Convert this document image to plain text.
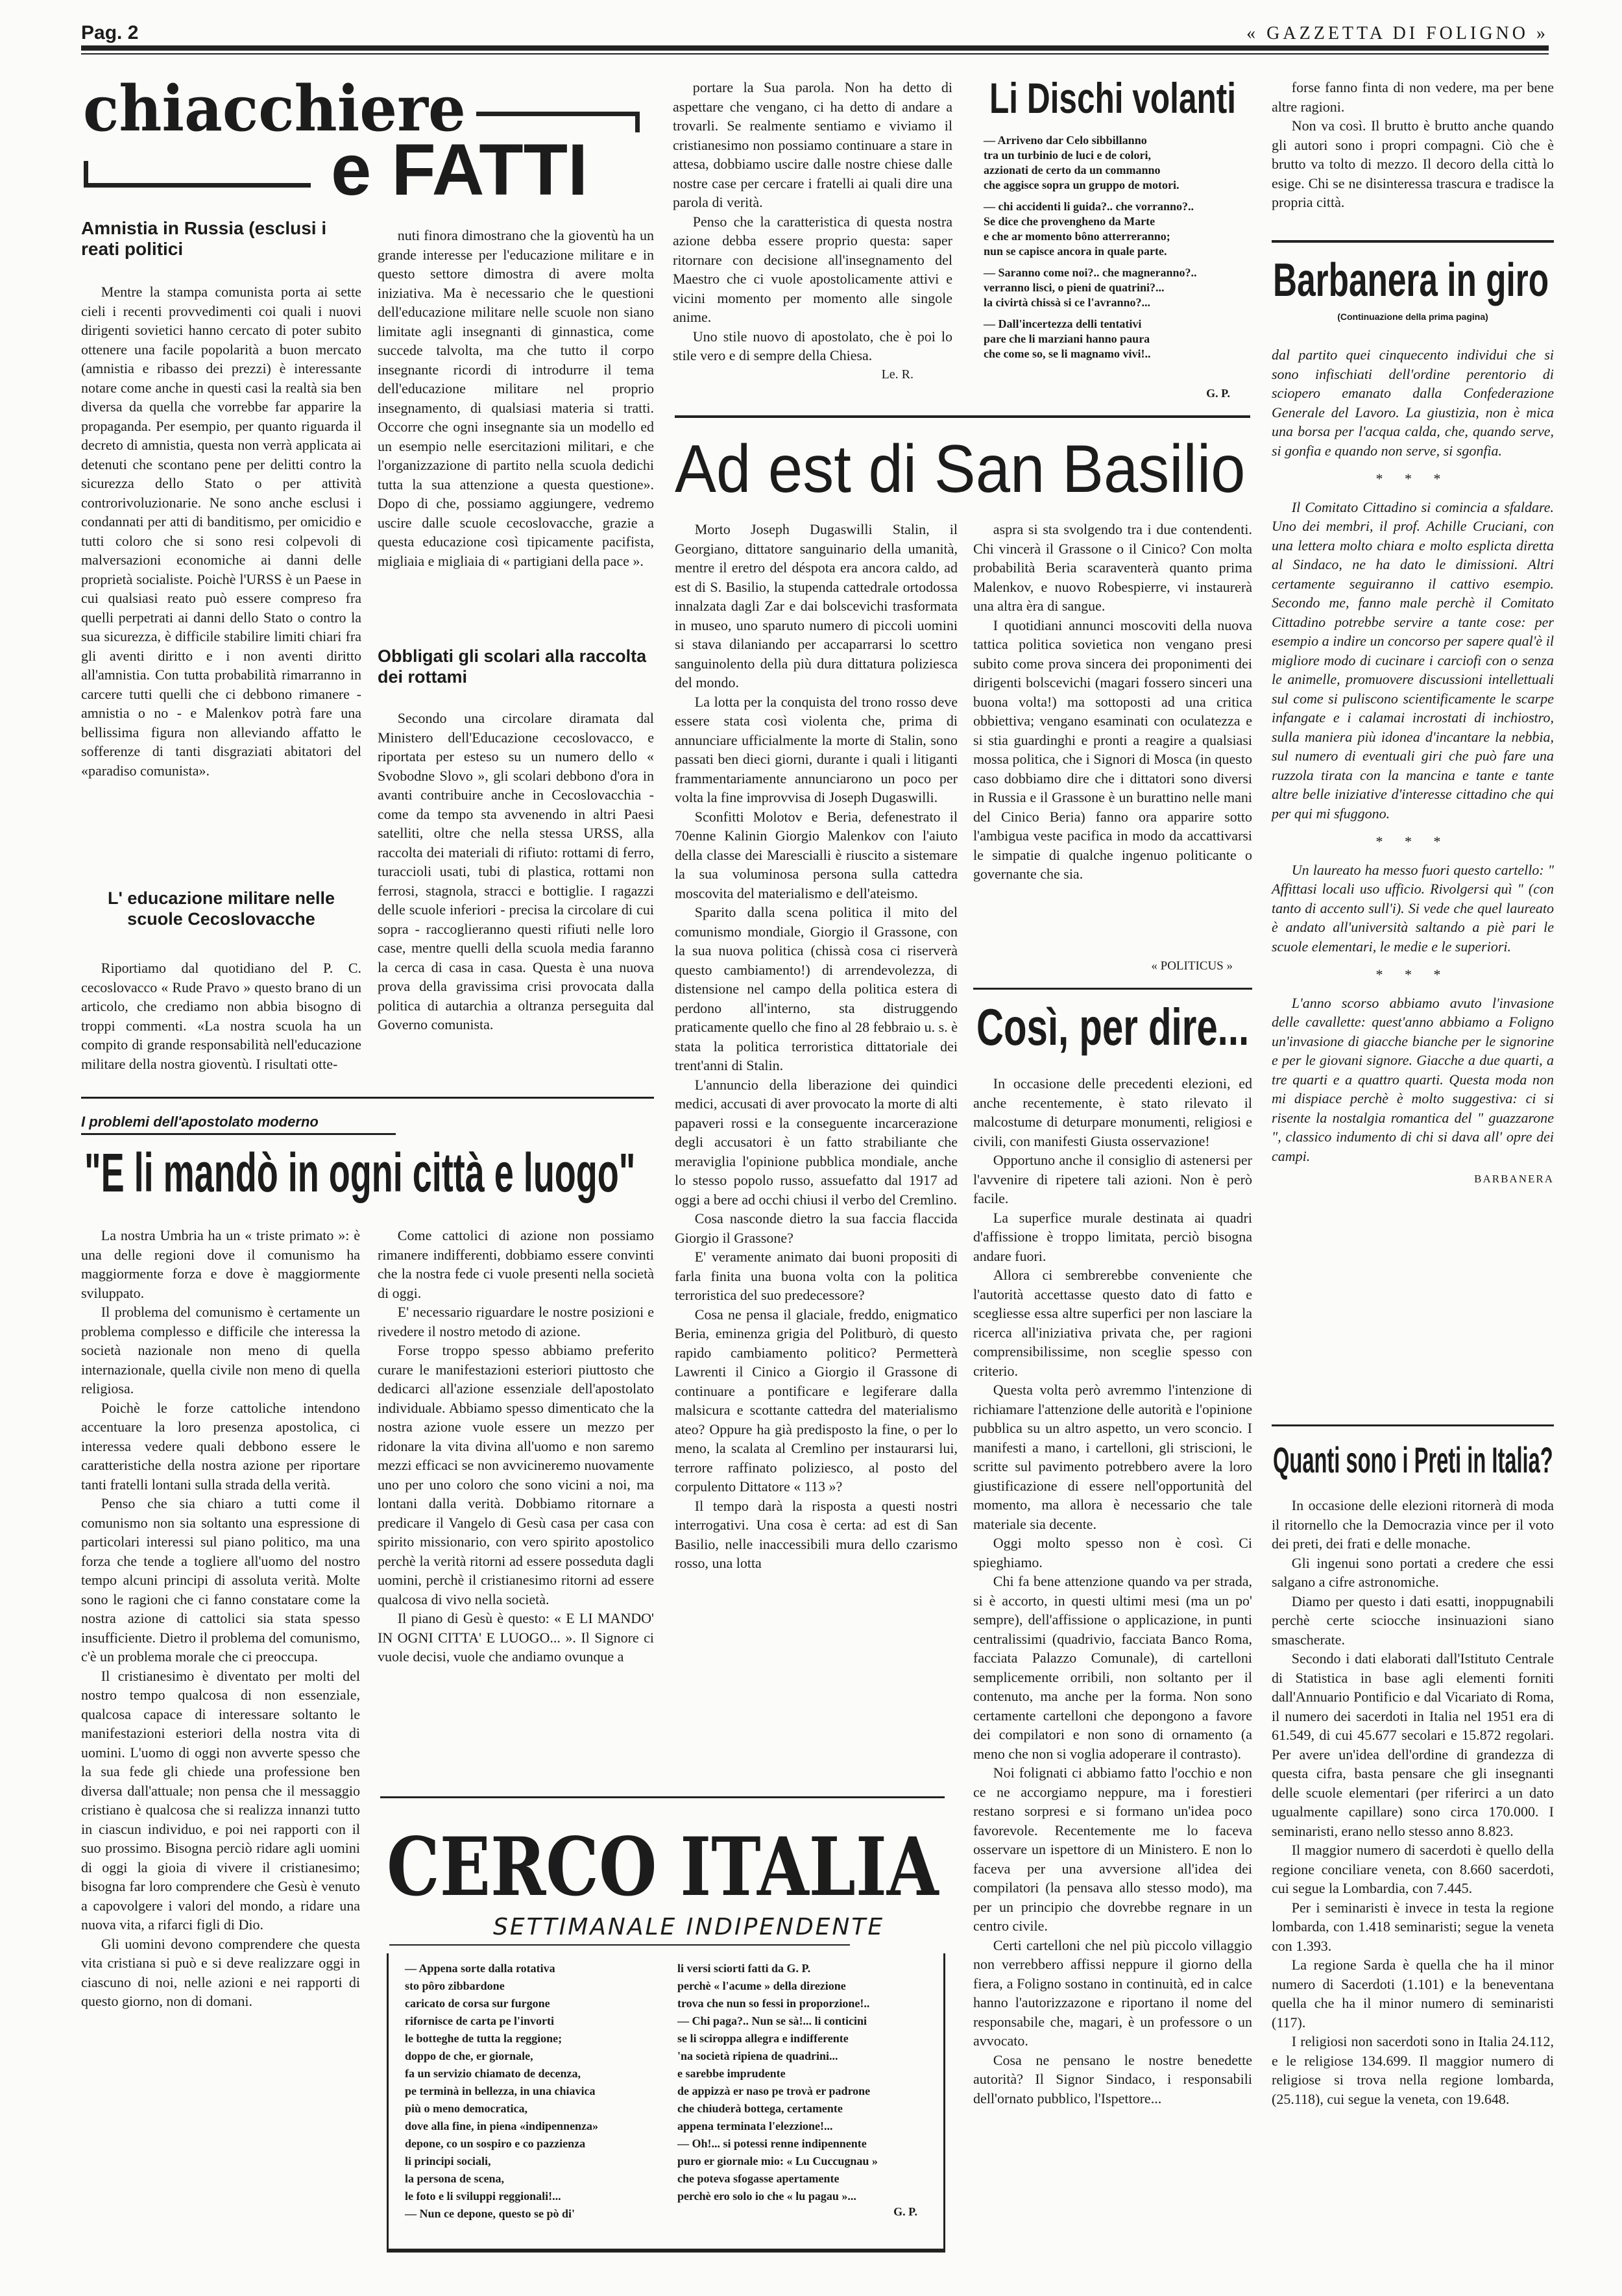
Pag. 2	« GAZZETTA DI FOLIGNO »
chiacchiere
e FATTI
Amnistia in Russia (esclusi i reati politici

Mentre la stampa comunista porta ai sette cieli i recenti provvedimenti coi quali i nuovi dirigenti sovietici hanno cercato di poter subito ottenere una facile popolarità a buon mercato (amnistia e ribasso dei prezzi) è interessante notare come anche in questi casi la realtà sia ben diversa da quella che vorrebbe far apparire la propaganda. Per esempio, per quanto riguarda il decreto di amnistia, questa non verrà applicata ai detenuti che scontano pene per delitti contro la sicurezza dello Stato o per attività controrivoluzionarie. Ne sono anche esclusi i condannati per atti di banditismo, per omicidio e tutti coloro che si sono resi colpevoli di malversazioni economiche ai danni delle proprietà socialiste. Poichè l'URSS è un Paese in cui qualsiasi reato può essere compreso fra quelli perpetrati ai danni dello Stato o contro la sua sicurezza, è difficile stabilire limiti chiari fra gli aventi diritto e i non aventi diritto all'amnistia. Con tutta probabilità rimarranno in carcere tutti quelli che ci debbono rimanere - amnistia o no - e Malenkov potrà fare una bellissima figura non alleviando affatto le sofferenze di tanti disgraziati abitatori del «paradiso comunista».

L' educazione militare nelle scuole Cecoslovacche

Riportiamo dal quotidiano del P. C. cecoslovacco « Rude Pravo » questo brano di un articolo, che crediamo non abbia bisogno di troppi commenti. «La nostra scuola ha un compito di grande responsabilità nell'educazione militare della nostra gioventù. I risultati otte-

nuti finora dimostrano che la gioventù ha un grande interesse per l'educazione militare e in questo settore dimostra di avere molta iniziativa. Ma è necessario che le questioni dell'educazione militare nelle scuole non siano limitate agli insegnanti di ginnastica, come succede talvolta, ma che tutto il corpo insegnante ricordi di introdurre il tema dell'educazione militare nel proprio insegnamento, di qualsiasi materia si tratti. Occorre che ogni insegnante sia un modello ed un esempio nelle esercitazioni militari, e che l'organizzazione di partito nella scuola dedichi tutta la sua attenzione a questa questione». Dopo di che, possiamo aggiungere, vedremo uscire dalle scuole cecoslovacche, grazie a questa educazione così tipicamente pacifista, migliaia e migliaia di « partigiani della pace ».

Obbligati gli scolari alla raccolta dei rottami

Secondo una circolare diramata dal Ministero dell'Educazione cecoslovacco, e riportata per esteso su un numero dello « Svobodne Slovo », gli scolari debbono d'ora in avanti contribuire anche in Cecoslovacchia - come da tempo sta avvenendo in altri Paesi satelliti, oltre che nella stessa URSS, alla raccolta dei materiali di rifiuto: rottami di ferro, turaccioli usati, tubi di plastica, rottami non ferrosi, stagnola, stracci e bottiglie. I ragazzi delle scuole inferiori - precisa la circolare di cui sopra - raccoglieranno questi rifiuti nelle loro case, mentre quelli della scuola media faranno la cerca di casa in casa. Questa è una nuova prova della gravissima crisi provocata dalla politica di autarchia a oltranza perseguita dal Governo comunista.

portare la Sua parola. Non ha detto di aspettare che vengano, ci ha detto di andare a trovarli. Se realmente sentiamo e viviamo il cristianesimo non possiamo continuare a stare in attesa, dobbiamo uscire dalle nostre chiese dalle nostre case per cercare i fratelli ai quali dire una parola di verità.

Penso che la caratteristica di questa nostra azione debba essere proprio questa: saper ritornare con decisione all'insegnamento del Maestro che ci vuole apostolicamente attivi e vicini momento per momento alle singole anime.

Uno stile nuovo di apostolato, che è poi lo stile vero e di sempre della Chiesa.

Le. R.
Li Dischi volanti

— Arriveno dar Celo sibbillanno
tra un turbinio de luci e de colori,
azzionati de certo da un commanno
che aggisce sopra un gruppo de motori.

— chi accidenti li guida?.. che vorranno?..
Se dice che provengheno da Marte
e che ar momento bôno atterreranno;
nun se capisce ancora in quale parte.

— Saranno come noi?.. che magneranno?..
verranno lisci, o pieni de quatrini?...
la civirtà chissà si ce l'avranno?...

— Dall'incertezza delli tentativi
pare che li marziani hanno paura
che come so, se li magnamo vivi!..

G. P.
Ad est di San Basilio

Morto Joseph Dugaswilli Stalin, il Georgiano, dittatore sanguinario della umanità, mentre il eretro del déspota era ancora caldo, ad est di S. Basilio, la stupenda cattedrale ortodossa innalzata dagli Zar e dai bolscevichi trasformata in museo, uno sparuto numero di piccoli uomini si stava dilaniando per accaparrarsi lo scettro sanguinolento della più dura dittatura poliziesca del mondo.

La lotta per la conquista del trono rosso deve essere stata così violenta che, prima di annunciare ufficialmente la morte di Stalin, sono passati ben dieci giorni, durante i quali i litiganti frammentariamente annunciarono un poco per volta la fine improvvisa di Joseph Dugaswilli.

Sconfitti Molotov e Beria, defenestrato il 70enne Kalinin Giorgio Malenkov con l'aiuto della classe dei Marescialli è riuscito a sistemare la sua voluminosa persona sulla cattedra moscovita del materialismo e dell'ateismo.

Sparito dalla scena politica il mito del comunismo mondiale, Giorgio il Grassone, con la sua nuova politica (chissà cosa ci riserverà questo cambiamento!) di arrendevolezza, di distensione nel campo della politica estera di perdono all'interno, sta distruggendo praticamente quello che fino al 28 febbraio u. s. è stata la politica terroristica dittatoriale dei trent'anni di Stalin.

L'annuncio della liberazione dei quindici medici, accusati di aver provocato la morte di alti papaveri rossi e la conseguente incarcerazione degli accusatori è un fatto strabiliante che meraviglia l'opinione pubblica mondiale, anche lo stesso popolo russo, assuefatto dal 1917 ad oggi a bere ad occhi chiusi il verbo del Cremlino.

Cosa nasconde dietro la sua faccia flaccida Giorgio il Grassone?

E' veramente animato dai buoni propositi di farla finita una buona volta con la politica terroristica del suo predecessore?

Cosa ne pensa il glaciale, freddo, enigmatico Beria, eminenza grigia del Politburò, di questo rapido cambiamento politico? Permetterà Lawrenti il Cinico a Giorgio il Grassone di continuare a pontificare e legiferare dalla malsicura e scottante cattedra del materialismo ateo? Oppure ha già predisposto la fine, o per lo meno, la scalata al Cremlino per instaurarsi lui, terrore raffinato poliziesco, al posto del corpulento Dittatore « 113 »?

Il tempo darà la risposta a questi nostri interrogativi. Una cosa è certa: ad est di San Basilio, nelle inaccessibili mura dello czarismo rosso, una lotta

aspra si sta svolgendo tra i due contendenti. Chi vincerà il Grassone o il Cinico? Con molta probabilità Beria scaraventerà quanto prima Malenkov, e nuovo Robespierre, vi instaurerà una altra èra di sangue.

I quotidiani annunci moscoviti della nuova tattica politica sovietica non vengano presi subito come prova sincera dei proponimenti dei dirigenti bolscevichi (magari fossero sinceri una buona volta!) ma sottoposti ad una critica obbiettiva; vengano esaminati con oculatezza e si stia guardinghi e pronti a reagire a qualsiasi mossa politica, che i Signori di Mosca (in questo caso dobbiamo dire che i dittatori sono diversi in Russia e il Grassone è un burattino nelle mani del Cinico Beria) fanno ora apparire sotto l'ambigua veste pacifica in modo da accattivarsi le simpatie di qualche ingenuo politicante o governante che sia.

« POLITICUS »
Così, per dire...

In occasione delle precedenti elezioni, ed anche recentemente, è stato rilevato il malcostume di deturpare monumenti, religiosi e civili, con manifesti Giusta osservazione!

Opportuno anche il consiglio di astenersi per l'avvenire di ripetere tali azioni. Non è però facile.

La superfice murale destinata ai quadri d'affissione è troppo limitata, perciò bisogna andare fuori.

Allora ci sembrerebbe conveniente che l'autorità accettasse questo dato di fatto e scegliesse essa altre superfici per non lasciare la ricerca all'iniziativa privata che, per ragioni comprensibilissime, non sceglie spesso con criterio.

Questa volta però avremmo l'intenzione di richiamare l'attenzione delle autorità e l'opinione pubblica su un altro aspetto, un vero sconcio. I manifesti a mano, i cartelloni, gli striscioni, le scritte sul pavimento potrebbero avere la loro giustificazione di essere nell'opportunità del momento, ma allora è necessario che tale materiale sia decente.

Oggi molto spesso non è così. Ci spieghiamo.

Chi fa bene attenzione quando va per strada, si è accorto, in questi ultimi mesi (ma un po' sempre), dell'affissione o applicazione, in punti centralissimi (quadrivio, facciata Banco Roma, facciata Palazzo Comunale), di cartelloni semplicemente orribili, non soltanto per il contenuto, ma anche per la forma. Non sono certamente cartelloni che depongono a favore dei compilatori e non sono di ornamento (a meno che non si voglia adoperare il contrasto).

Noi folignati ci abbiamo fatto l'occhio e non ce ne accorgiamo neppure, ma i forestieri restano sorpresi e si formano un'idea poco favorevole. Recentemente me lo faceva osservare un ispettore di un Ministero. E non lo faceva per una avversione all'idea dei compilatori (la pensava allo stesso modo), ma per un principio che dovrebbe regnare in un centro civile.

Certi cartelloni che nel più piccolo villaggio non verrebbero affissi neppure il giorno della fiera, a Foligno sostano in continuità, ed in calce hanno l'autorizzazone e riportano il nome del responsabile che, magari, è un professore o un avvocato.

Cosa ne pensano le nostre benedette autorità? Il Signor Sindaco, i responsabili dell'ornato pubblico, l'Ispettore...

forse fanno finta di non vedere, ma per bene altre ragioni.

Non va così. Il brutto è brutto anche quando gli autori sono i propri compagni. Ciò che è brutto va tolto di mezzo. Il decoro della città lo esige. Chi se ne disinteressa trascura e tradisce la propria città.

Barbanera in giro
(Continuazione della prima pagina)

dal partito quei cinquecento individui che si sono infischiati dell'ordine perentorio di sciopero emanato dalla Confederazione Generale del Lavoro. La giustizia, non è mica una borsa per l'acqua calda, che, quando serve, si gonfia e quando non serve, si sgonfia.

* * *

Il Comitato Cittadino si comincia a sfaldare. Uno dei membri, il prof. Achille Cruciani, con una lettera molto chiara e molto esplicta diretta al Sindaco, ne ha dato le dimissioni. Altri certamente seguiranno il cattivo esempio. Secondo me, fanno male perchè il Comitato Cittadino potrebbe servire a tante cose: per esempio a indire un concorso per sapere qual'è il migliore modo di cucinare i carciofi con o senza le animelle, promuovere discussioni intellettuali sul come si puliscono scientificamente le scarpe infangate e i calamai incrostati di inchiostro, sulla maniera più idonea d'incantare la nebbia, sul numero di eventuali giri che può fare una ruzzola tirata con la mancina e tante e tante altre belle iniziative d'interesse cittadino che qui per qui mi sfuggono.

* * *

Un laureato ha messo fuori questo cartello: " Affittasi locali uso ufficio. Rivolgersi quì " (con tanto di accento sull'i). Si vede che quel laureato è andato all'università saltando a piè pari le scuole elementari, le medie e le superiori.

* * *

L'anno scorso abbiamo avuto l'invasione delle cavallette: quest'anno abbiamo a Foligno un'invasione di giacche bianche per le signorine e per le giovani signore. Giacche a due quarti, a tre quarti e a quattro quarti. Questa moda non mi dispiace perchè è molto suggestiva: ci si risente la nostalgia romantica del " guazzarone ", classico indumento di chi si dava all' opre dei campi.

BARBANERA
Quanti sono i Preti in Italia?

In occasione delle elezioni ritornerà di moda il ritornello che la Democrazia vince per il voto dei preti, dei frati e delle monache.

Gli ingenui sono portati a credere che essi salgano a cifre astronomiche.

Diamo per questo i dati esatti, inoppugnabili perchè certe sciocche insinuazioni siano smascherate.

Secondo i dati elaborati dall'Istituto Centrale di Statistica in base agli elementi forniti dall'Annuario Pontificio e dal Vicariato di Roma, il numero dei sacerdoti in Italia nel 1951 era di 61.549, di cui 45.677 secolari e 15.872 regolari. Per avere un'idea dell'ordine di grandezza di questa cifra, basta pensare che gli insegnanti delle scuole elementari (per riferirci a un dato ugualmente capillare) sono circa 170.000. I seminaristi, erano nello stesso anno 8.823.

Il maggior numero di sacerdoti è quello della regione conciliare veneta, con 8.660 sacerdoti, cui segue la Lombardia, con 7.445.

Per i seminaristi è invece in testa la regione lombarda, con 1.418 seminaristi; segue la veneta con 1.393.

La regione Sarda è quella che ha il minor numero di Sacerdoti (1.101) e la beneventana quella che ha il minor numero di seminaristi (117).

I religiosi non sacerdoti sono in Italia 24.112, e le religiose 134.699. Il maggior numero di religiose si trova nella regione lombarda, (25.118), cui segue la veneta, con 19.648.

I problemi dell'apostolato moderno
"E li mandò in ogni città e luogo"

La nostra Umbria ha un « triste primato »: è una delle regioni dove il comunismo ha maggiormente forza e dove è maggiormente sviluppato.

Il problema del comunismo è certamente un problema complesso e difficile che interessa la società nazionale non meno di quella internazionale, quella civile non meno di quella religiosa.

Poichè le forze cattoliche intendono accentuare la loro presenza apostolica, ci interessa vedere quali debbono essere le caratteristiche della nostra azione per riportare tanti fratelli lontani sulla strada della verità.

Penso che sia chiaro a tutti come il comunismo non sia soltanto una espressione di particolari interessi sul piano politico, ma una forza che tende a togliere all'uomo del nostro tempo alcuni principi di assoluta verità. Molte sono le ragioni che ci fanno constatare come la nostra azione di cattolici sia stata spesso insufficiente. Dietro il problema del comunismo, c'è un problema morale che ci preoccupa.

Il cristianesimo è diventato per molti del nostro tempo qualcosa di non essenziale, qualcosa capace di interessare soltanto le manifestazioni esteriori della nostra vita di uomini. L'uomo di oggi non avverte spesso che la sua fede gli chiede una professione ben diversa dall'attuale; non pensa che il messaggio cristiano è qualcosa che si realizza innanzi tutto in ciascun individuo, e poi nei rapporti con il suo prossimo. Bisogna perciò ridare agli uomini di oggi la gioia di vivere il cristianesimo; bisogna far loro comprendere che Gesù è venuto a capovolgere i valori del mondo, a ridare una nuova vita, a rifarci figli di Dio.

Gli uomini devono comprendere che questa vita cristiana si può e si deve realizzare oggi in ciascuno di noi, nelle azioni e nei rapporti di questo giorno, non di domani.

Come cattolici di azione non possiamo rimanere indifferenti, dobbiamo essere convinti che la nostra fede ci vuole presenti nella società di oggi.

E' necessario riguardare le nostre posizioni e rivedere il nostro metodo di azione.

Forse troppo spesso abbiamo preferito curare le manifestazioni esteriori piuttosto che dedicarci all'azione essenziale dell'apostolato individuale. Abbiamo spesso dimenticato che la nostra azione vuole essere un mezzo per ridonare la vita divina all'uomo e non saremo mezzi efficaci se non avvicineremo nuovamente uno per uno coloro che sono vicini a noi, ma lontani dalla verità. Dobbiamo ritornare a predicare il Vangelo di Gesù casa per casa con spirito missionario, con vero spirito apostolico perchè la verità ritorni ad essere posseduta dagli uomini, perchè il cristianesimo ritorni ad essere qualcosa di vivo nella società.

Il piano di Gesù è questo: « E LI MANDO' IN OGNI CITTA' E LUOGO... ». Il Signore ci vuole decisi, vuole che andiamo ovunque a

CERCO ITALIA
SETTIMANALE INDIPENDENTE
— Appena sorte dalla rotativa
sto pôro zibbardone
caricato de corsa sur furgone
rifornisce de carta pe l'invorti
le botteghe de tutta la reggione;
doppo de che, er giornale,
fa un servizio chiamato de decenza,
pe terminà in bellezza, in una chiavica
più o meno democratica,
dove alla fine, in piena «indipennenza»
depone, co un sospiro e co pazzienza
li principi sociali,
la persona de scena,
le foto e li sviluppi reggionali!...
— Nun ce depone, questo se pò di'
li versi sciorti fatti da G. P.
perchè « l'acume » della direzione
trova che nun so fessi in proporzione!..
— Chi paga?.. Nun se sà!... li conticini
se li sciroppa allegra e indifferente
'na società ripiena de quadrini...
e sarebbe imprudente
de appizzà er naso pe trovà er padrone
che chiuderà bottega, certamente
appena terminata l'elezzione!...
— Oh!... si potessi renne indipennente
puro er giornale mio: « Lu Cuccugnau »
che poteva sfogasse apertamente
perchè ero solo io che « lu pagau »...
G. P.
